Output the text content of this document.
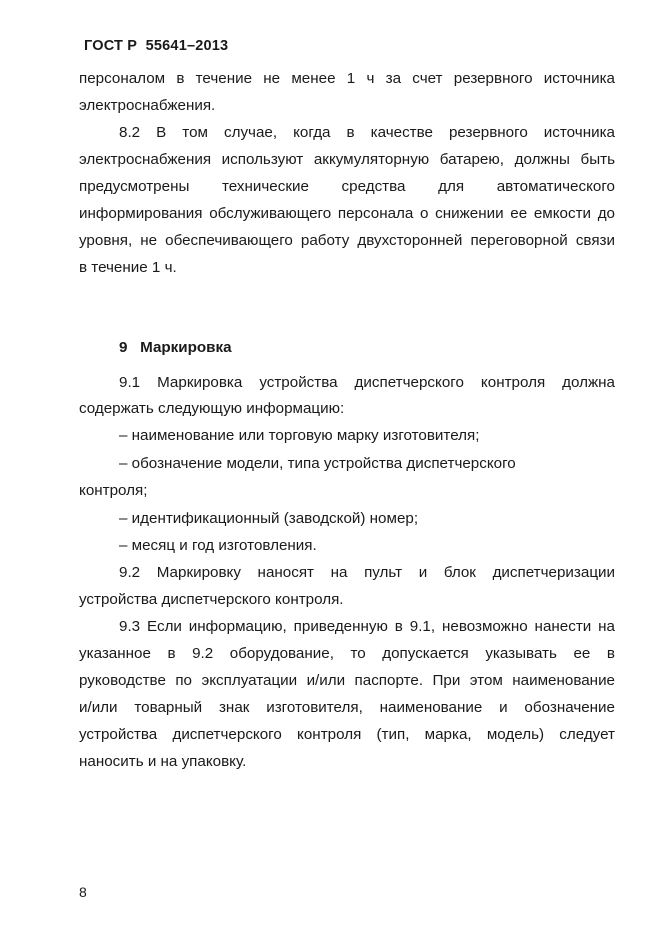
ГОСТ Р  55641–2013
персоналом в течение не менее 1 ч за счет резервного источника
электроснабжения.
8.2 В том случае, когда в качестве резервного источника
электроснабжения используют аккумуляторную батарею, должны быть
предусмотрены технические средства для автоматического
информирования обслуживающего персонала о снижении ее емкости до
уровня, не обеспечивающего работу двухсторонней переговорной связи
в течение 1 ч.
9   Маркировка
9.1 Маркировка устройства диспетчерского контроля должна
содержать следующую информацию:
– наименование или торговую марку изготовителя;
– обозначение модели, типа устройства диспетчерского
контроля;
– идентификационный (заводской) номер;
– месяц и год изготовления.
9.2 Маркировку наносят на пульт и блок диспетчеризации
устройства диспетчерского контроля.
9.3 Если информацию, приведенную в 9.1, невозможно нанести на
указанное в 9.2 оборудование, то допускается указывать ее в
руководстве по эксплуатации и/или паспорте. При этом наименование
и/или товарный знак изготовителя, наименование и обозначение
устройства диспетчерского контроля (тип, марка, модель) следует
наносить и на упаковку.
8
